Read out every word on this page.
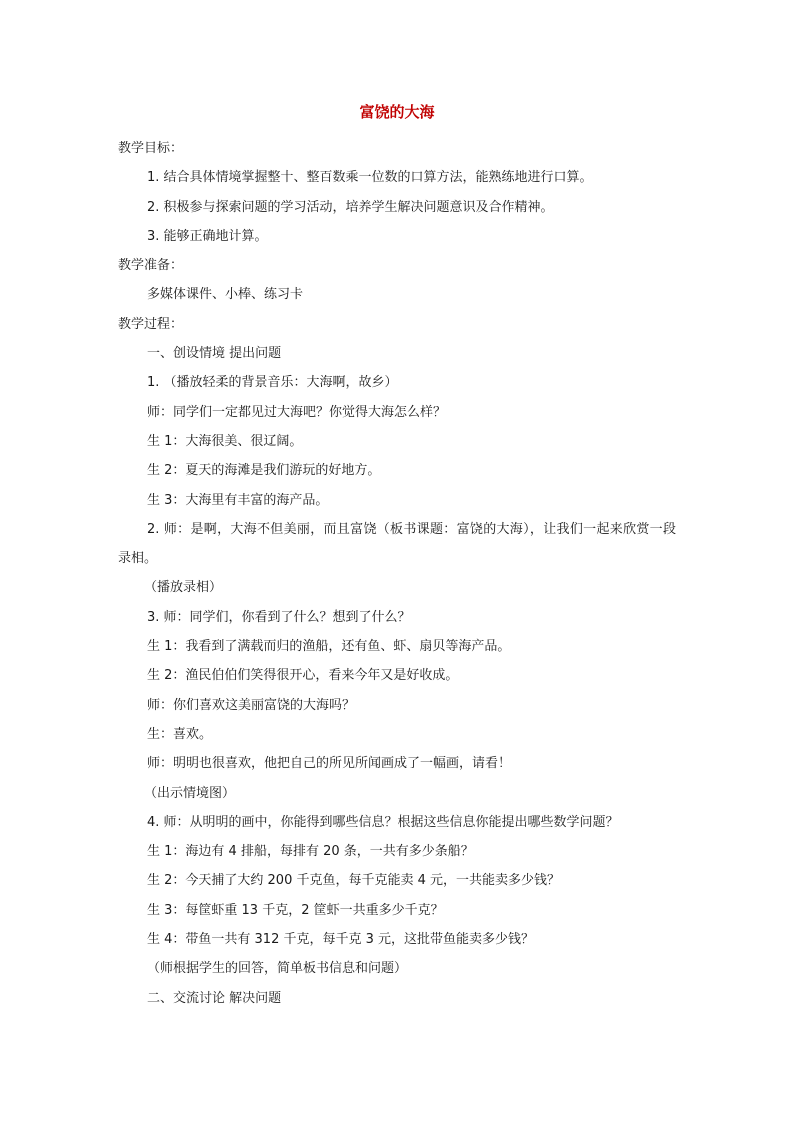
富饶的大海

教学目标：

1. 结合具体情境掌握整十、整百数乘一位数的口算方法，能熟练地进行口算。

2. 积极参与探索问题的学习活动，培养学生解决问题意识及合作精神。

3. 能够正确地计算。

教学准备：

多媒体课件、小棒、练习卡

教学过程：

一、创设情境 提出问题

1. （播放轻柔的背景音乐：大海啊，故乡）

师：同学们一定都见过大海吧？你觉得大海怎么样？

生 1：大海很美、很辽阔。

生 2：夏天的海滩是我们游玩的好地方。

生 3：大海里有丰富的海产品。

2. 师：是啊，大海不但美丽，而且富饶（板书课题：富饶的大海），让我们一起来欣赏一段录相。

（播放录相）

3. 师：同学们，你看到了什么？想到了什么？

生 1：我看到了满载而归的渔船，还有鱼、虾、扇贝等海产品。

生 2：渔民伯伯们笑得很开心，看来今年又是好收成。

师：你们喜欢这美丽富饶的大海吗？

生：喜欢。

师：明明也很喜欢，他把自己的所见所闻画成了一幅画，请看！

（出示情境图）

4. 师：从明明的画中，你能得到哪些信息？根据这些信息你能提出哪些数学问题？

生 1：海边有 4 排船，每排有 20 条，一共有多少条船？

生 2：今天捕了大约 200 千克鱼，每千克能卖 4 元，一共能卖多少钱？

生 3：每筐虾重 13 千克，2 筐虾一共重多少千克？

生 4：带鱼一共有 312 千克，每千克 3 元，这批带鱼能卖多少钱？

（师根据学生的回答，简单板书信息和问题）

二、交流讨论 解决问题
